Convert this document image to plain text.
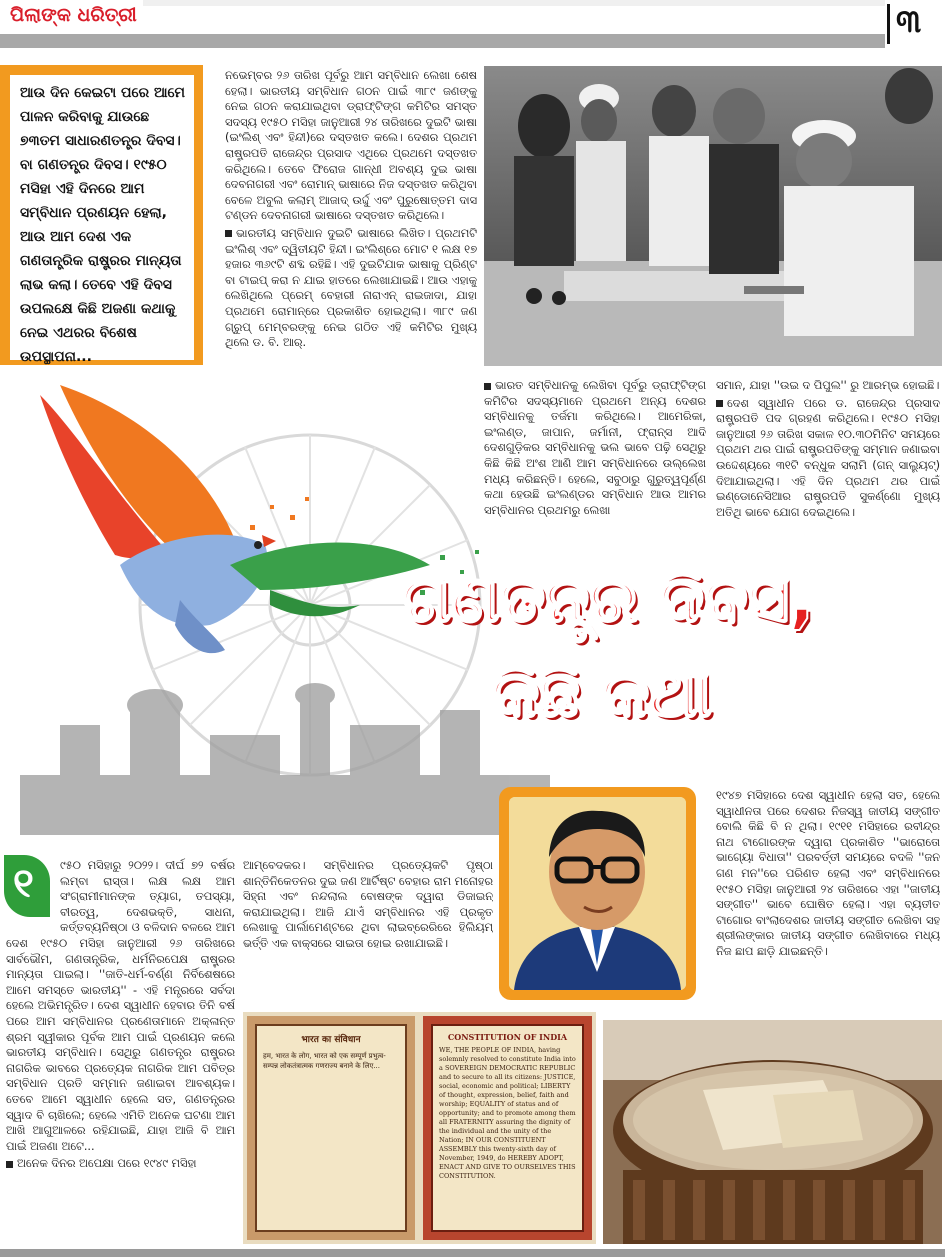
ପିଲାଙ୍କ ଧରିତ୍ରୀ	୩

ଆଉ ଦିନ କେଇଟା ପରେ ଆମେ ପାଳନ କରିବାକୁ ଯାଉଛେ ୭୩ତମ ସାଧାରଣତନ୍ତ୍ର ଦିବସ। ବା ଗଣତନ୍ତ୍ର ଦିବସ। ୧୯୫୦ ମସିହା ଏହି ଦିନରେ ଆମ ସମ୍ବିଧାନ ପ୍ରଣୟନ ହେଲା, ଆଉ ଆମ ଦେଶ ଏକ ଗଣତାନ୍ତ୍ରିକ ରାଷ୍ଟ୍ରର ମାନ୍ୟତା ଲାଭ କଲା। ତେବେ ଏହି ଦିବସ ଉପଲକ୍ଷେ କିଛି ଅଜଣା କଥାକୁ ନେଇ ଏଥରର ବିଶେଷ ଉପସ୍ଥାପନା...

ନଭେମ୍ବର ୨୬ ତାରିଖ ପୂର୍ବରୁ ଆମ ସମ୍ବିଧାନ ଲେଖା ଶେଷ ହେଲା। ଭାରତୀୟ ସମ୍ବିଧାନ ଗଠନ ପାଇଁ ୩୮୯ ଜଣଙ୍କୁ ନେଇ ଗଠନ କରାଯାଇଥିବା ଡ୍ରାଫ୍ଟିଙ୍ଗ କମିଟିର ସମସ୍ତ ସଦସ୍ୟ ୧୯୫୦ ମସିହା ଜାନୁଆରୀ ୨୪ ତାରିଖରେ ଦୁଇଟି ଭାଷା (ଇଂଲିଶ୍ ଏବଂ ହିନ୍ଦୀ)ରେ ଦସ୍ତଖତ କଲେ। ଦେଶର ପ୍ରଥମ ରାଷ୍ଟ୍ରପତି ରାଜେନ୍ଦ୍ର ପ୍ରସାଦ ଏଥିରେ ପ୍ରଥମେ ଦସ୍ତଖତ କରିଥିଲେ। ତେବେ ଫିରୋଜ ଗାନ୍ଧୀ ଅବଶ୍ୟ ଦୁଇ ଭାଷା ଦେବନାଗରୀ ଏବଂ ରୋମାନ୍ ଭାଷାରେ ନିଜ ଦସ୍ତଖତ କରିଥିବା ବେଳେ ଅବୁଲ କଲାମ୍ ଆଜାଦ୍ ଉର୍ଦ୍ଦୁ ଏବଂ ପୁରୁଷୋତ୍ତମ ଦାସ ଟଣ୍ଡନ ଦେବନାଗରୀ ଭାଷାରେ ଦସ୍ତଖତ କରିଥିଲେ।

ଭାରତୀୟ ସମ୍ବିଧାନ ଦୁଇଟି ଭାଷାରେ ଲିଖିତ। ପ୍ରଥମଟି ଇଂଲିଶ୍ ଏବଂ ଦ୍ୱିତୀୟଟି ହିନ୍ଦୀ। ଇଂଲିଶ୍‌ରେ ମୋଟ ୧ ଲକ୍ଷ ୧୭ ହଜାର ୩୬୯ଟି ଶବ୍ଦ ରହିଛି। ଏହି ଦୁଇଟିଯାକ ଭାଷାକୁ ପ୍ରିଣ୍ଟ ବା ଟାଇପ୍ କରା ନ ଯାଇ ହାତରେ ଲେଖାଯାଇଛି। ଆଉ ଏହାକୁ ଲେଖିଥିଲେ ପ୍ରେମ୍ ବେହାରୀ ନାରାଏନ୍ ରାଇଜାଦା, ଯାହା ପ୍ରଥମେ ରୋମାନ୍‌ରେ ପ୍ରକାଶିତ ହୋଇଥିଲା। ୩୮୯ ଜଣ ଗ୍ରୁପ୍ ମେମ୍ବରଙ୍କୁ ନେଇ ଗଠିତ ଏହି କମିଟିର ମୁଖ୍ୟ ଥିଲେ ଡ. ବି. ଆର୍.

ଭାରତ ସମ୍ବିଧାନକୁ ଲେଖିବା ପୂର୍ବରୁ ଡ୍ରାଫ୍ଟିଙ୍ଗ କମିଟିର ସଦସ୍ୟମାନେ ପ୍ରଥମେ ଅନ୍ୟ ଦେଶର ସମ୍ବିଧାନକୁ ତର୍ଜମା କରିଥିଲେ। ଆମେରିକା, ଇଂଲଣ୍ଡ, ଜାପାନ, ଜର୍ମାନୀ, ଫ୍ରାନ୍ସ ଆଦି ଦେଶଗୁଡ଼ିକର ସମ୍ବିଧାନକୁ ଭଲ ଭାବେ ପଢ଼ି ସେଥିରୁ କିଛି କିଛି ଅଂଶ ଆଣି ଆମ ସମ୍ବିଧାନରେ ଉଲ୍ଲେଖ ମଧ୍ୟ କରିଛନ୍ତି। ହେଲେ, ସବୁଠାରୁ ଗୁରୁତ୍ୱପୂର୍ଣ୍ଣ କଥା ହେଉଛି ଇଂଲଣ୍ଡର ସମ୍ବିଧାନ ଆଉ ଆମର ସମ୍ବିଧାନର ପ୍ରଥମରୁ ଲେଖା

ସମାନ, ଯାହା ''ଉଇ ଦ ପିପୁଲ'' ରୁ ଆରମ୍ଭ ହୋଇଛି।

ଦେଶ ସ୍ୱାଧୀନ ପରେ ଡ. ରାଜେନ୍ଦ୍ର ପ୍ରସାଦ ରାଷ୍ଟ୍ରପତି ପଦ ଗ୍ରହଣ କରିଥିଲେ। ୧୯୫୦ ମସିହା ଜାନୁଆରୀ ୨୬ ତାରିଖ ସକାଳ ୧୦.୩୦ମିନିଟ ସମୟରେ ପ୍ରଥମ ଥର ପାଇଁ ରାଷ୍ଟ୍ରପତିଙ୍କୁ ସମ୍ମାନ ଜଣାଇବା ଉଦ୍ଦେଶ୍ୟରେ ୩୧ଟି ବନ୍ଧୁକ ସଲାମି (ଗନ୍ ସାଲ୍ୟୁଟ୍) ଦିଆଯାଇଥିଲା। ଏହି ଦିନ ପ୍ରଥମ ଥର ପାଇଁ ଇଣ୍ଡୋନେସିଆର ରାଷ୍ଟ୍ରପତି ସୁକର୍ଣ୍ଣୋ ମୁଖ୍ୟ ଅତିଥି ଭାବେ ଯୋଗ ଦେଇଥିଲେ।

ଗଣତନ୍ତ୍ର ଦିବସ,
କିଛି କଥା

୧୯୪୭ ମସିହାରେ ଦେଶ ସ୍ୱାଧୀନ ହେଲା ସତ, ହେଲେ ସ୍ୱାଧୀନତା ପରେ ଦେଶର ନିଜସ୍ୱ ଜାତୀୟ ସଙ୍ଗୀତ ବୋଲି କିଛି ବି ନ ଥିଲା। ୧୯୧୧ ମସିହାରେ ରବୀନ୍ଦ୍ର ନାଥ ଟାଗୋରଙ୍କ ଦ୍ୱାରା ପ୍ରକାଶିତ ''ଭାରୋତୋ ଭାଗ୍ୟୋ ବିଧାତା'' ପରବର୍ତ୍ତୀ ସମୟରେ ବଦଳି ''ଜନ ଗଣ ମନ''ରେ ପରିଣତ ହେଲା ଏବଂ ସମ୍ବିଧାନରେ ୧୯୫୦ ମସିହା ଜାନୁଆରୀ ୨୪ ତାରିଖରେ ଏହା ''ଜାତୀୟ ସଙ୍ଗୀତ'' ଭାବେ ଘୋଷିତ ହେଲା। ଏହା ବ୍ୟତୀତ ଟାଗୋର ବାଂଲାଦେଶର ଜାତୀୟ ସଙ୍ଗୀତ ଲେଖିବା ସହ ଶ୍ରୀଲଙ୍କାର ଜାତୀୟ ସଙ୍ଗୀତ ଲେଖିବାରେ ମଧ୍ୟ ନିଜ ଛାପ ଛାଡ଼ି ଯାଇଛନ୍ତି।

୧	୯୫୦ ମସିହାରୁ ୨୦୨୨। ଦୀର୍ଘ ୭୨ ବର୍ଷର ଲମ୍ବା ରାସ୍ତା। ଲକ୍ଷ ଲକ୍ଷ ଆମ ସଂଗ୍ରାମୀମାନଙ୍କ ତ୍ୟାଗ, ତପସ୍ୟା, ବୀରତ୍ୱ, ଦେଶଭକ୍ତି, ସାଧନା, କର୍ତ୍ତବ୍ୟନିଷ୍ଠା ଓ ବଳିଦାନ ବଳରେ ଆମ ଦେଶ ୧୯୫୦ ମସିହା ଜାନୁଆରୀ ୨୬ ତାରିଖରେ ସାର୍ବଭୌମ, ଗଣତାନ୍ତ୍ରିକ, ଧର୍ମନିରପେକ୍ଷ ରାଷ୍ଟ୍ରର ମାନ୍ୟତା ପାଇଲା। ''ଜାତି-ଧର୍ମ-ବର୍ଣ୍ଣ ନିର୍ବିଶେଷରେ ଆମେ ସମସ୍ତେ ଭାରତୀୟ'' - ଏହି ମନ୍ତ୍ରରେ ସର୍ବଦା ହେଲେ ଅଭିମନ୍ତ୍ରିତ। ଦେଶ ସ୍ୱାଧୀନ ହେବାର ତିନି ବର୍ଷ ପରେ ଆମ ସମ୍ବିଧାନର ପ୍ରଣେତାମାନେ ଅକ୍ଳାନ୍ତ ଶ୍ରମ ସ୍ୱୀକାର ପୂର୍ବକ ଆମ ପାଇଁ ପ୍ରଣୟନ କଲେ ଭାରତୀୟ ସମ୍ବିଧାନ। ସେଥିରୁ ଗଣତନ୍ତ୍ର ରାଷ୍ଟ୍ରର ନାଗରିକ ଭାବରେ ପ୍ରତ୍ୟେକ ନାଗରିକ ଆମ ପବିତ୍ର ସମ୍ବିଧାନ ପ୍ରତି ସମ୍ମାନ ଜଣାଇବା ଆବଶ୍ୟକ। ତେବେ ଆମେ ସ୍ୱାଧୀନ ହେଲେ ସତ, ଗଣତନ୍ତ୍ରର ସ୍ୱାଦ ବି ଚାଖିଲେ; ହେଲେ ଏମିତି ଅନେକ ଘଟଣା ଆମ ଆଖି ଆଗୁଆଳରେ ରହିଯାଇଛି, ଯାହା ଆଜି ବି ଆମ ପାଇଁ ଅଜଣା ଅଟେ...

ଅନେକ ଦିନର ଅପେକ୍ଷା ପରେ ୧୯୪୯ ମସିହା

ଆମ୍ବେଦକର। ସମ୍ବିଧାନର ପ୍ରତ୍ୟେକଟି ପୃଷ୍ଠା ଶାନ୍ତିନିକେତନର ଦୁଇ ଜଣ ଆର୍ଟିଷ୍ଟ ବେହାର ରାମ ମନୋହର ସିହ୍ନା ଏବଂ ନନ୍ଦଲାଲ ବୋଷଙ୍କ ଦ୍ୱାରା ଡିଜାଇନ୍ କରାଯାଇଥିଲା। ଆଜି ଯାଏଁ ସମ୍ବିଧାନର ଏହି ପ୍ରକୃତ ଲେଖାକୁ ପାର୍ଲାମେଣ୍ଟରେ ଥିବା ଲାଇବ୍ରେରିରେ ହିଲିୟମ୍ ଭର୍ତ୍ତି ଏକ ବାକ୍ସରେ ସାଇତା ହୋଇ ରଖାଯାଇଛି।

भारत का संविधान
हम, भारत के लोग, भारत को एक सम्पूर्ण प्रभुत्व-सम्पन्न लोकतंत्रात्मक गणराज्य बनाने के लिए...
CONSTITUTION OF INDIA
WE, THE PEOPLE OF INDIA, having solemnly resolved to constitute India into a SOVEREIGN DEMOCRATIC REPUBLIC and to secure to all its citizens: JUSTICE, social, economic and political; LIBERTY of thought, expression, belief, faith and worship; EQUALITY of status and of opportunity; and to promote among them all FRATERNITY assuring the dignity of the individual and the unity of the Nation; IN OUR CONSTITUENT ASSEMBLY this twenty-sixth day of November, 1949, do HEREBY ADOPT, ENACT AND GIVE TO OURSELVES THIS CONSTITUTION.
